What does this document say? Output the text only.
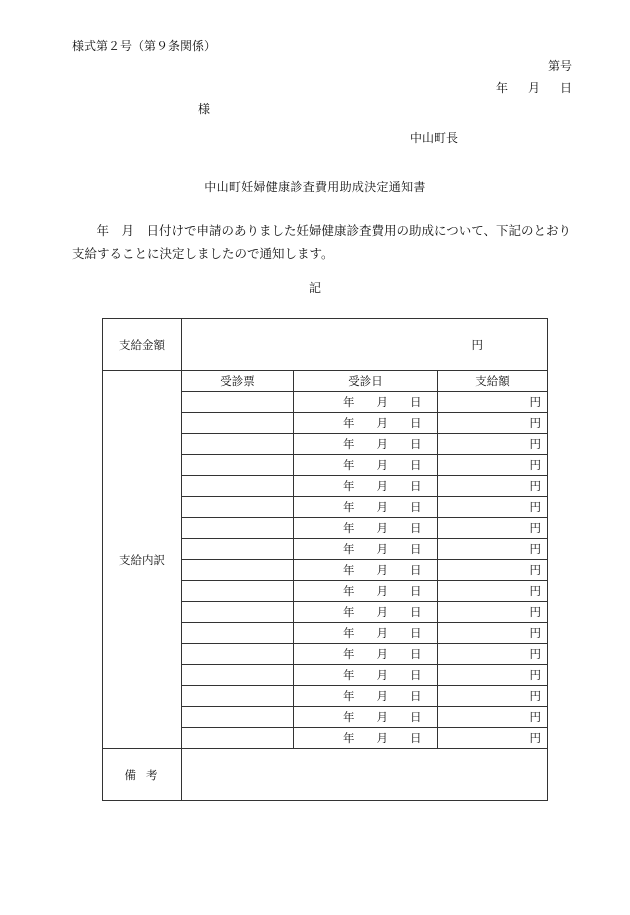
様式第２号（第９条関係）
第号
年 月 日
様
中山町長
中山町妊婦健康診査費用助成決定通知書
　年　月　日付けで申請のありました妊婦健康診査費用の助成について、下記のとおり支給することに決定しましたので通知します。
記
支給金額	円		
支給内訳	受診票	受診日	支給額
		年 月 日	円
		年 月 日	円
		年 月 日	円
		年 月 日	円
		年 月 日	円
		年 月 日	円
		年 月 日	円
		年 月 日	円
		年 月 日	円
		年 月 日	円
		年 月 日	円
		年 月 日	円
		年 月 日	円
		年 月 日	円
		年 月 日	円
		年 月 日	円
		年 月 日	円
備考			
